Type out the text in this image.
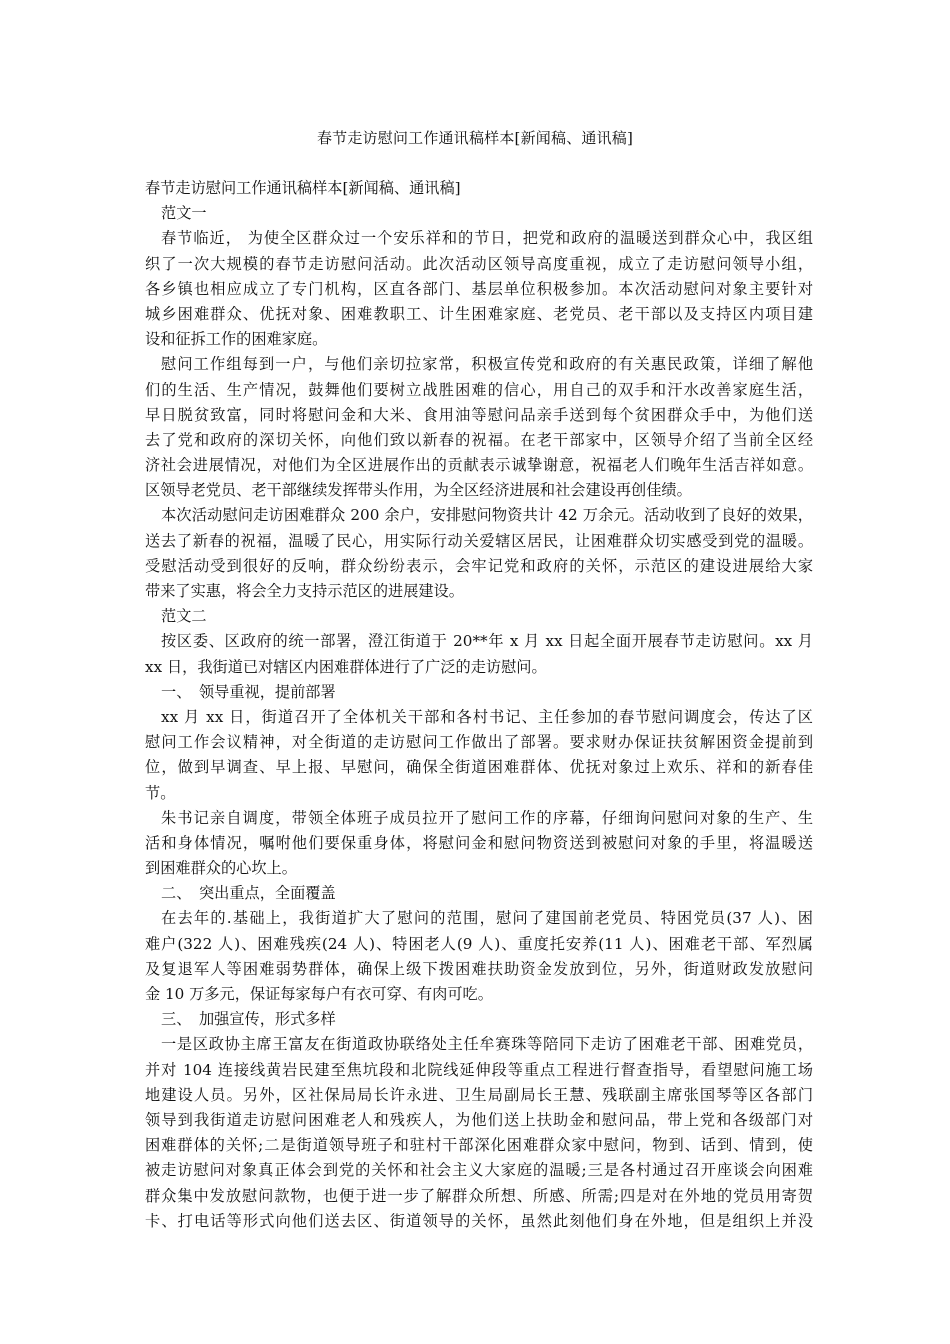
春节走访慰问工作通讯稿样本[新闻稿、通讯稿]
春节走访慰问工作通讯稿样本[新闻稿、通讯稿]
范文一
春节临近， 为使全区群众过一个安乐祥和的节日，把党和政府的温暖送到群众心中，我区组
织了一次大规模的春节走访慰问活动。此次活动区领导高度重视，成立了走访慰问领导小组，
各乡镇也相应成立了专门机构，区直各部门、基层单位积极参加。本次活动慰问对象主要针对
城乡困难群众、优抚对象、困难教职工、计生困难家庭、老党员、老干部以及支持区内项目建
设和征拆工作的困难家庭。
慰问工作组每到一户，与他们亲切拉家常，积极宣传党和政府的有关惠民政策，详细了解他
们的生活、生产情况，鼓舞他们要树立战胜困难的信心，用自己的双手和汗水改善家庭生活，
早日脱贫致富，同时将慰问金和大米、食用油等慰问品亲手送到每个贫困群众手中，为他们送
去了党和政府的深切关怀，向他们致以新春的祝福。在老干部家中，区领导介绍了当前全区经
济社会进展情况，对他们为全区进展作出的贡献表示诚挚谢意，祝福老人们晚年生活吉祥如意。
区领导老党员、老干部继续发挥带头作用，为全区经济进展和社会建设再创佳绩。
本次活动慰问走访困难群众 200 余户，安排慰问物资共计 42 万余元。活动收到了良好的效果，
送去了新春的祝福，温暖了民心，用实际行动关爱辖区居民，让困难群众切实感受到党的温暖。
受慰活动受到很好的反响，群众纷纷表示，会牢记党和政府的关怀，示范区的建设进展给大家
带来了实惠，将会全力支持示范区的进展建设。
范文二
按区委、区政府的统一部署，澄江街道于 20**年 x 月 xx 日起全面开展春节走访慰问。xx 月
xx 日，我街道已对辖区内困难群体进行了广泛的走访慰问。
一、　领导重视，提前部署
xx 月 xx 日，街道召开了全体机关干部和各村书记、主任参加的春节慰问调度会，传达了区
慰问工作会议精神，对全街道的走访慰问工作做出了部署。要求财办保证扶贫解困资金提前到
位，做到早调查、早上报、早慰问，确保全街道困难群体、优抚对象过上欢乐、祥和的新春佳
节。
朱书记亲自调度，带领全体班子成员拉开了慰问工作的序幕，仔细询问慰问对象的生产、生
活和身体情况，嘱咐他们要保重身体，将慰问金和慰问物资送到被慰问对象的手里，将温暖送
到困难群众的心坎上。
二、　突出重点，全面覆盖
在去年的.基础上，我街道扩大了慰问的范围，慰问了建国前老党员、特困党员(37 人)、困
难户(322 人)、困难残疾(24 人)、特困老人(9 人)、重度托安养(11 人)、困难老干部、军烈属
及复退军人等困难弱势群体，确保上级下拨困难扶助资金发放到位，另外，街道财政发放慰问
金 10 万多元，保证每家每户有衣可穿、有肉可吃。
三、　加强宣传，形式多样
一是区政协主席王富友在街道政协联络处主任牟赛珠等陪同下走访了困难老干部、困难党员，
并对 104 连接线黄岩民建至焦坑段和北院线延伸段等重点工程进行督查指导，看望慰问施工场
地建设人员。另外，区社保局局长许永进、卫生局副局长王慧、残联副主席张国琴等区各部门
领导到我街道走访慰问困难老人和残疾人，为他们送上扶助金和慰问品，带上党和各级部门对
困难群体的关怀;二是街道领导班子和驻村干部深化困难群众家中慰问，物到、话到、情到，使
被走访慰问对象真正体会到党的关怀和社会主义大家庭的温暖;三是各村通过召开座谈会向困难
群众集中发放慰问款物，也便于进一步了解群众所想、所感、所需;四是对在外地的党员用寄贺
卡、打电话等形式向他们送去区、街道领导的关怀，虽然此刻他们身在外地，但是组织上并没
